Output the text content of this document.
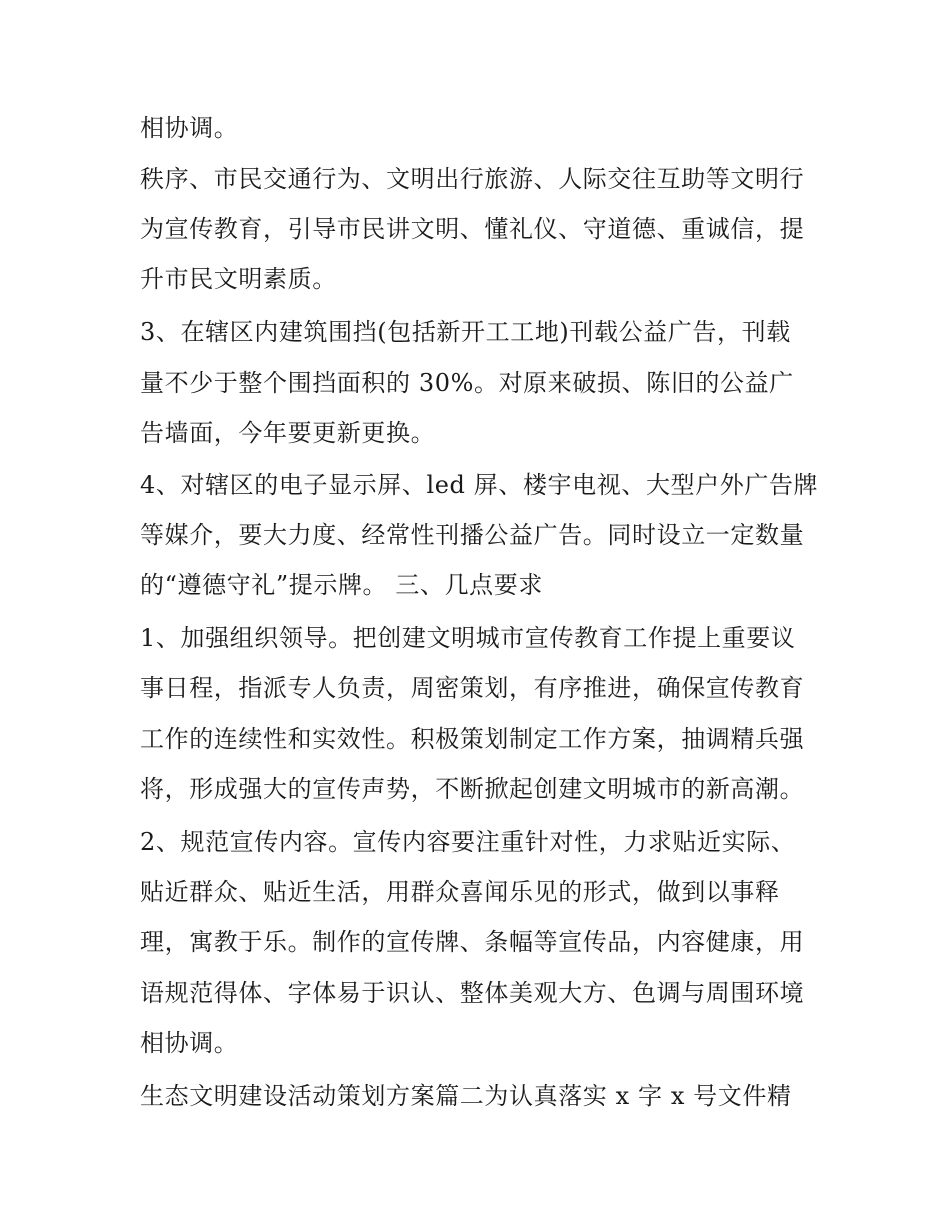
相协调。
秩序、市民交通行为、文明出行旅游、人际交往互助等文明行
为宣传教育，引导市民讲文明、懂礼仪、守道德、重诚信，提
升市民文明素质。
3、在辖区内建筑围挡(包括新开工工地)刊载公益广告，刊载
量不少于整个围挡面积的 30%。对原来破损、陈旧的公益广
告墙面，今年要更新更换。
4、对辖区的电子显示屏、led 屏、楼宇电视、大型户外广告牌
等媒介，要大力度、经常性刊播公益广告。同时设立一定数量
的“遵德守礼”提示牌。 三、几点要求
1、加强组织领导。把创建文明城市宣传教育工作提上重要议
事日程，指派专人负责，周密策划，有序推进，确保宣传教育
工作的连续性和实效性。积极策划制定工作方案，抽调精兵强
将，形成强大的宣传声势，不断掀起创建文明城市的新高潮。
2、规范宣传内容。宣传内容要注重针对性，力求贴近实际、
贴近群众、贴近生活，用群众喜闻乐见的形式，做到以事释
理，寓教于乐。制作的宣传牌、条幅等宣传品，内容健康，用
语规范得体、字体易于识认、整体美观大方、色调与周围环境
相协调。
生态文明建设活动策划方案篇二为认真落实 x 字 x 号文件精
